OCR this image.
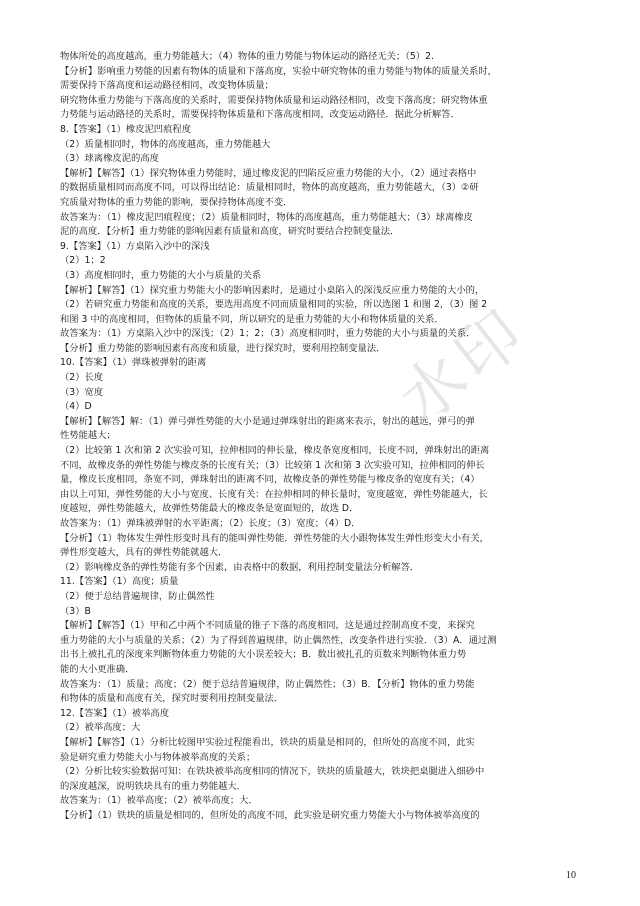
物体所处的高度越高，重力势能越大；（4）物体的重力势能与物体运动的路径无关；（5）2.
【分析】影响重力势能的因素有物体的质量和下落高度，实验中研究物体的重力势能与物体的质量关系时，
需要保持下落高度和运动路径相同，改变物体质量；
研究物体重力势能与下落高度的关系时，需要保持物体质量和运动路径相同，改变下落高度；研究物体重
力势能与运动路径的关系时，需要保持物体质量和下落高度相同，改变运动路径．据此分析解答．
8.【答案】（1）橡皮泥凹痕程度
（2）质量相同时，物体的高度越高，重力势能越大
（3）球离橡皮泥的高度
【解析】【解答】（1）探究物体重力势能时，通过橡皮泥的凹陷反应重力势能的大小，（2）通过表格中
的数据质量相同而高度不同，可以得出结论：质量相同时，物体的高度越高，重力势能越大，（3）②研
究质量对物体的重力势能的影响，要保持物体高度不变．
故答案为：（1）橡皮泥凹痕程度；（2）质量相同时，物体的高度越高，重力势能越大；（3）球离橡皮
泥的高度．【分析】重力势能的影响因素有质量和高度，研究时要结合控制变量法．
9.【答案】（1）方桌陷入沙中的深浅
（2）1；2
（3）高度相同时，重力势能的大小与质量的关系
【解析】【解答】（1）探究重力势能大小的影响因素时，是通过小桌陷入的深浅反应重力势能的大小的，
（2）若研究重力势能和高度的关系，要选用高度不同而质量相同的实验，所以选图 1 和图 2，（3）图 2
和图 3 中的高度相同，但物体的质量不同，所以研究的是重力势能的大小和物体质量的关系．
故答案为：（1）方桌陷入沙中的深浅；（2）1；2；（3）高度相同时，重力势能的大小与质量的关系．
【分析】重力势能的影响因素有高度和质量，进行探究时，要利用控制变量法．
10.【答案】（1）弹珠被弹射的距离
（2）长度
（3）宽度
（4）D
【解析】【解答】解：（1）弹弓弹性势能的大小是通过弹珠射出的距离来表示，射出的越远，弹弓的弹
性势能越大；
（2）比较第 1 次和第 2 次实验可知，拉伸相同的伸长量，橡皮条宽度相同，长度不同，弹珠射出的距离
不同，故橡皮条的弹性势能与橡皮条的长度有关；（3）比较第 1 次和第 3 次实验可知，拉伸相同的伸长
量，橡皮长度相同，条宽不同，弹珠射出的距离不同，故橡皮条的弹性势能与橡皮条的宽度有关；（4）
由以上可知，弹性势能的大小与宽度、长度有关：在拉伸相同的伸长量时，宽度越宽，弹性势能越大，长
度越短，弹性势能越大，故弹性势能最大的橡皮条是宽面短的，故选 D．
故答案为：（1）弹珠被弹射的水平距离；（2）长度；（3）宽度；（4）D．
【分析】（1）物体发生弹性形变时具有的能叫弹性势能．弹性势能的大小跟物体发生弹性形变大小有关，
弹性形变越大，具有的弹性势能就越大．
（2）影响橡皮条的弹性势能有多个因素，由表格中的数据，利用控制变量法分析解答．
11.【答案】（1）高度；质量
（2）便于总结普遍规律，防止偶然性
（3）B
【解析】【解答】（1）甲和乙中两个不同质量的锥子下落的高度相同，这是通过控制高度不变，来探究
重力势能的大小与质量的关系；（2）为了得到普遍规律，防止偶然性，改变条件进行实验．（3）A．通过测
出书上被扎孔的深度来判断物体重力势能的大小误差较大；B．数出被扎孔的页数来判断物体重力势
能的大小更准确．
故答案为：（1）质量；高度；（2）便于总结普遍规律，防止偶然性；（3）B．【分析】物体的重力势能
和物体的质量和高度有关，探究时要利用控制变量法．
12.【答案】（1）被举高度
（2）被举高度；大
【解析】【解答】（1）分析比较图甲实验过程能看出，铁块的质量是相同的，但所处的高度不同，此实
验是研究重力势能大小与物体被举高度的关系；
（2）分析比较实验数据可知：在铁块被举高度相同的情况下，铁块的质量越大，铁块把桌腿进入细砂中
的深度越深，说明铁块具有的重力势能越大．
故答案为：（1）被举高度；（2）被举高度；大．
【分析】（1）铁块的质量是相同的，但所处的高度不同，此实验是研究重力势能大小与物体被举高度的
水印
10
